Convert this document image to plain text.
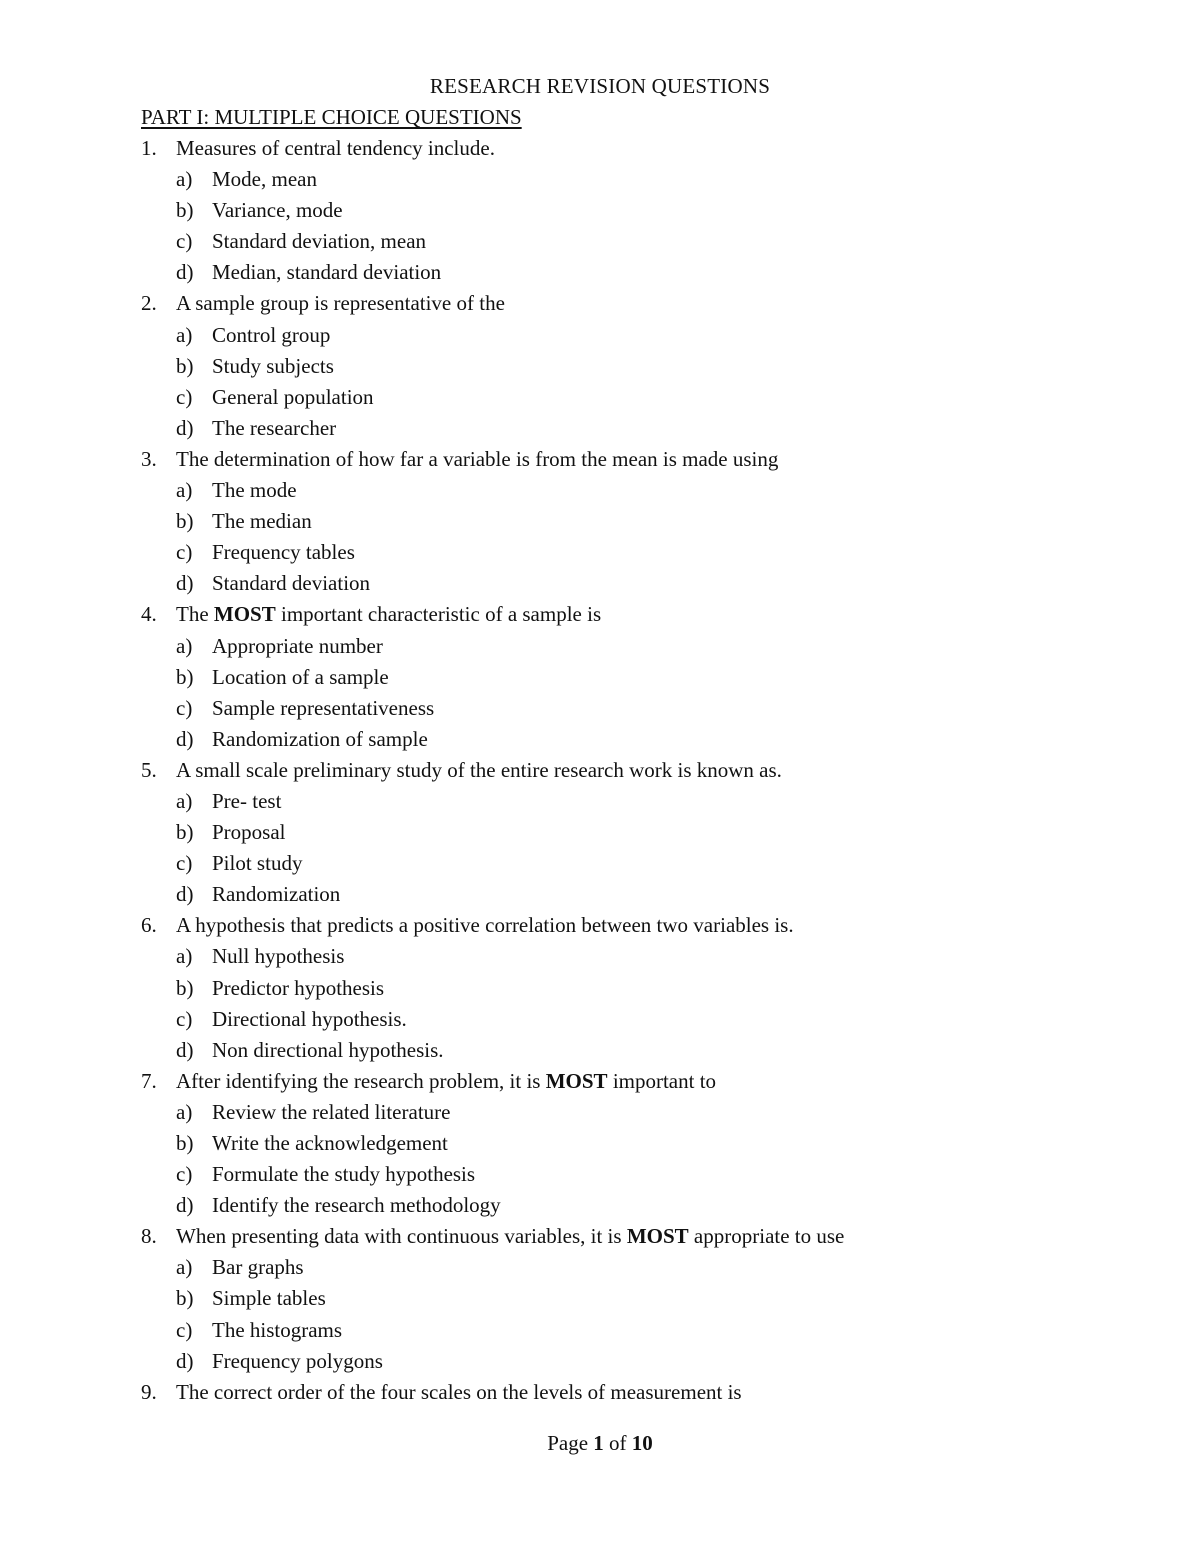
RESEARCH REVISION QUESTIONS
PART I: MULTIPLE CHOICE QUESTIONS
1. Measures of central tendency include.
a) Mode, mean
b) Variance, mode
c) Standard deviation, mean
d) Median, standard deviation
2. A sample group is representative of the
a) Control group
b) Study subjects
c) General population
d) The researcher
3. The determination of how far a variable is from the mean is made using
a) The mode
b) The median
c) Frequency tables
d) Standard deviation
4. The MOST important characteristic of a sample is
a) Appropriate number
b) Location of a sample
c) Sample representativeness
d) Randomization of sample
5. A small scale preliminary study of the entire research work is known as.
a) Pre- test
b) Proposal
c) Pilot study
d) Randomization
6. A hypothesis that predicts a positive correlation between two variables is.
a) Null hypothesis
b) Predictor hypothesis
c) Directional hypothesis.
d) Non directional hypothesis.
7. After identifying the research problem, it is MOST important to
a) Review the related literature
b) Write the acknowledgement
c) Formulate the study hypothesis
d) Identify the research methodology
8. When presenting data with continuous variables, it is MOST appropriate to use
a) Bar graphs
b) Simple tables
c) The histograms
d) Frequency polygons
9. The correct order of the four scales on the levels of measurement is
Page 1 of 10
